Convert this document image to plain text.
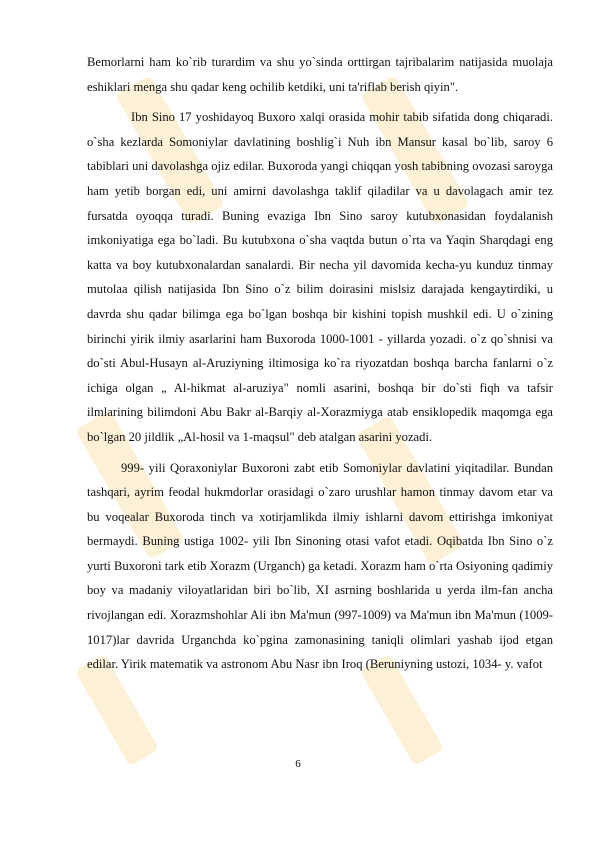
Bemorlarni ham ko`rib turardim va shu yo`sinda orttirgan tajribalarim natijasida muolaja eshiklari menga shu qadar keng ochilib ketdiki, uni ta'riflab berish qiyin".

Ibn Sino 17 yoshidayoq Buxoro xalqi orasida mohir tabib sifatida dong chiqaradi. o`sha kezlarda Somoniylar davlatining boshlig`i Nuh ibn Mansur kasal bo`lib, saroy 6 tabiblari uni davolashga ojiz edilar. Buxoroda yangi chiqqan yosh tabibning ovozasi saroyga ham yetib borgan edi, uni amirni davolashga taklif qiladilar va u davolagach amir tez fursatda oyoqqa turadi. Buning evaziga Ibn Sino saroy kutubxonasidan foydalanish imkoniyatiga ega bo`ladi. Bu kutubxona o`sha vaqtda butun o`rta va Yaqin Sharqdagi eng katta va boy kutubxonalardan sanalardi. Bir necha yil davomida kecha-yu kunduz tinmay mutolaa qilish natijasida Ibn Sino o`z bilim doirasini mislsiz darajada kengaytirdiki, u davrda shu qadar bilimga ega bo`lgan boshqa bir kishini topish mushkil edi. U o`zining birinchi yirik ilmiy asarlarini ham Buxoroda 1000-1001 - yillarda yozadi. o`z qo`shnisi va do`sti Abul-Husayn al-Aruziyning iltimosiga ko`ra riyozatdan boshqa barcha fanlarni o`z ichiga olgan „ Al-hikmat al-aruziya" nomli asarini, boshqa bir do`sti fiqh va tafsir ilmlarining bilimdoni Abu Bakr al-Barqiy al-Xorazmiyga atab ensiklopedik maqomga ega bo`lgan 20 jildlik „Al-hosil va 1-maqsul" deb atalgan asarini yozadi.

999- yili Qoraxoniylar Buxoroni zabt etib Somoniylar davlatini yiqitadilar. Bundan tashqari, ayrim feodal hukmdorlar orasidagi o`zaro urushlar hamon tinmay davom etar va bu voqealar Buxoroda tinch va xotirjamlikda ilmiy ishlarni davom ettirishga imkoniyat bermaydi. Buning ustiga 1002- yili Ibn Sinoning otasi vafot etadi. Oqibatda Ibn Sino o`z yurti Buxoroni tark etib Xorazm (Urganch) ga ketadi. Xorazm ham o`rta Osiyoning qadimiy boy va madaniy viloyatlaridan biri bo`lib, XI asrning boshlarida u yerda ilm-fan ancha rivojlangan edi. Xorazmshohlar Ali ibn Ma'mun (997-1009) va Ma'mun ibn Ma'mun (1009-1017)lar davrida Urganchda ko`pgina zamonasining taniqli olimlari yashab ijod etgan edilar. Yirik matematik va astronom Abu Nasr ibn Iroq (Beruniyning ustozi, 1034- y. vafot

6
